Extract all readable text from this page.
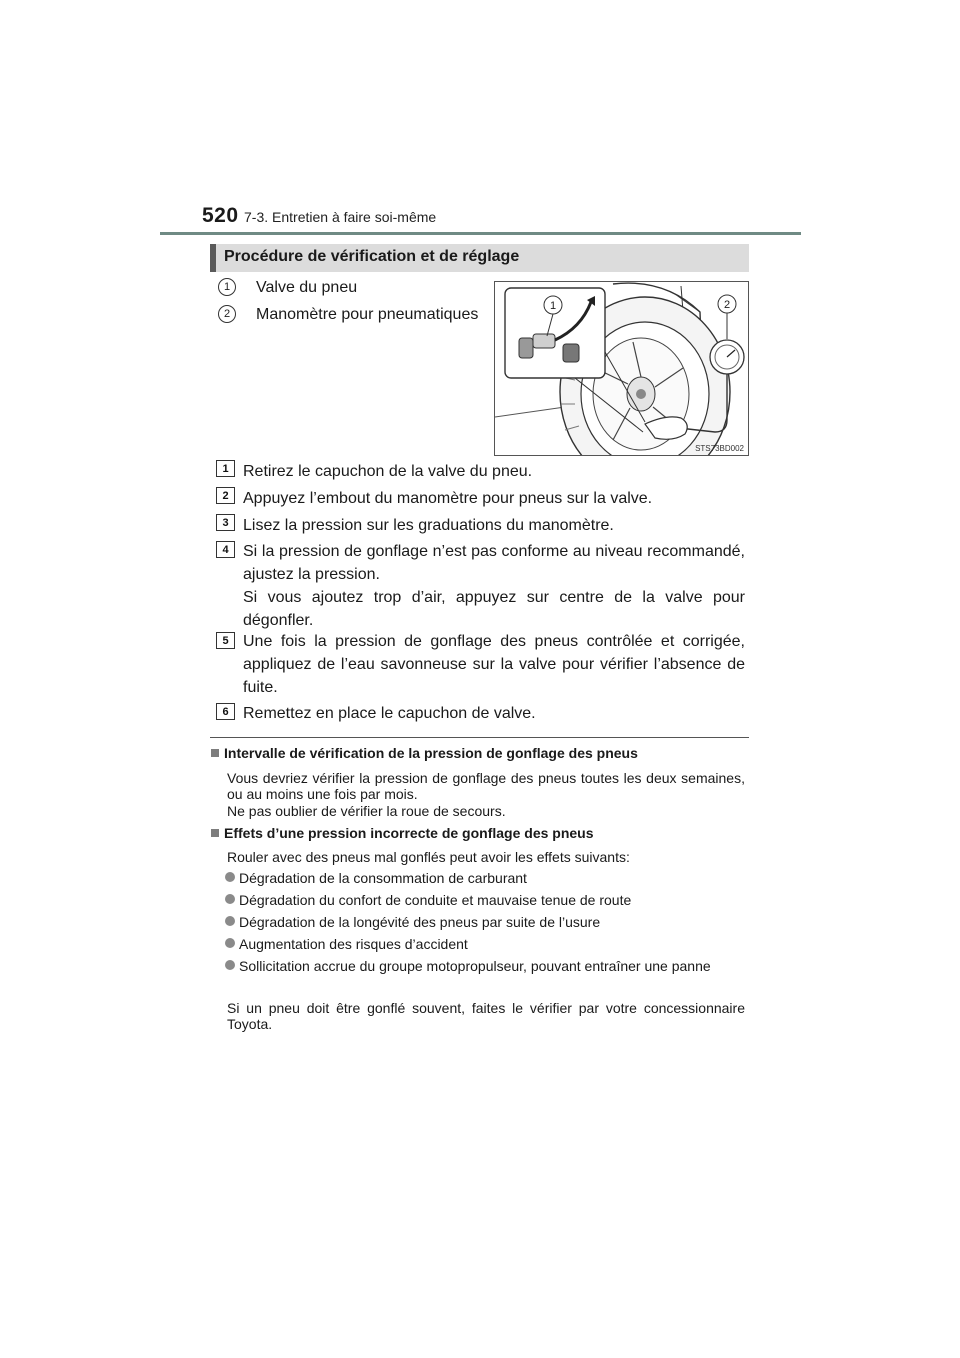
520 7-3. Entretien à faire soi-même
Procédure de vérification et de réglage
1	Valve du pneu
2	Manomètre pour pneumatiques	1	2
STS73BD002
1 Retirez le capuchon de la valve du pneu.
2 Appuyez l’embout du manomètre pour pneus sur la valve.
3 Lisez la pression sur les graduations du manomètre.
4 Si la pression de gonflage n’est pas conforme au niveau recommandé, ajustez la pression.
Si vous ajoutez trop d’air, appuyez sur centre de la valve pour dégonfler.
5 Une fois la pression de gonflage des pneus contrôlée et corrigée, appliquez de l’eau savonneuse sur la valve pour vérifier l’absence de fuite.
6 Remettez en place le capuchon de valve.
Intervalle de vérification de la pression de gonflage des pneus
Vous devriez vérifier la pression de gonflage des pneus toutes les deux semaines, ou au moins une fois par mois.
Ne pas oublier de vérifier la roue de secours.
Effets d’une pression incorrecte de gonflage des pneus
Rouler avec des pneus mal gonflés peut avoir les effets suivants:
Dégradation de la consommation de carburant
Dégradation du confort de conduite et mauvaise tenue de route
Dégradation de la longévité des pneus par suite de l’usure
Augmentation des risques d’accident
Sollicitation accrue du groupe motopropulseur, pouvant entraîner une panne
Si un pneu doit être gonflé souvent, faites le vérifier par votre concessionnaire Toyota.
